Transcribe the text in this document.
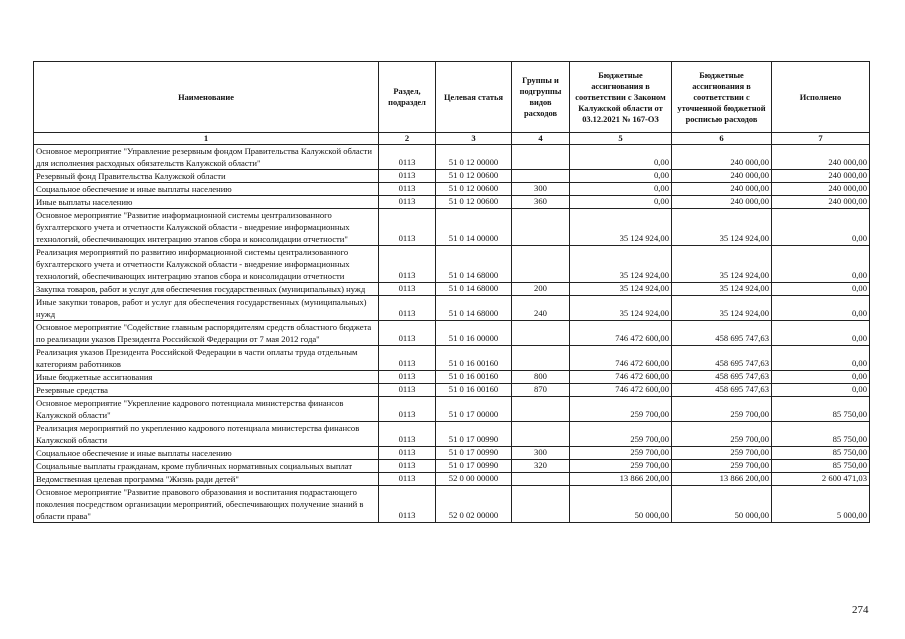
Наименование	Раздел, подраздел	Целевая статья	Группы и подгруппы видов расходов	Бюджетные ассигнования в соответствии с Законом Калужской области от 03.12.2021 № 167-ОЗ	Бюджетные ассигнования в соответствии с уточненной бюджетной росписью расходов	Исполнено
1	2	3	4	5	6	7
Основное мероприятие "Управление резервным фондом Правительства Калужской области для исполнения расходных обязательств Калужской области"	0113	51 0 12 00000		0,00	240 000,00	240 000,00
Резервный фонд Правительства Калужской области	0113	51 0 12 00600		0,00	240 000,00	240 000,00
Социальное обеспечение и иные выплаты населению	0113	51 0 12 00600	300	0,00	240 000,00	240 000,00
Иные выплаты населению	0113	51 0 12 00600	360	0,00	240 000,00	240 000,00
Основное мероприятие "Развитие информационной системы централизованного бухгалтерского учета и отчетности Калужской области - внедрение информационных технологий, обеспечивающих интеграцию этапов сбора и консолидации отчетности"	0113	51 0 14 00000		35 124 924,00	35 124 924,00	0,00
Реализация мероприятий по развитию информационной системы централизованного бухгалтерского учета и отчетности Калужской области - внедрение информационных технологий, обеспечивающих интеграцию этапов сбора и консолидации отчетности	0113	51 0 14 68000		35 124 924,00	35 124 924,00	0,00
Закупка товаров, работ и услуг для обеспечения государственных (муниципальных) нужд	0113	51 0 14 68000	200	35 124 924,00	35 124 924,00	0,00
Иные закупки товаров, работ и услуг для обеспечения государственных (муниципальных) нужд	0113	51 0 14 68000	240	35 124 924,00	35 124 924,00	0,00
Основное мероприятие "Содействие главным распорядителям средств областного бюджета по реализации указов Президента Российской Федерации от 7 мая 2012 года"	0113	51 0 16 00000		746 472 600,00	458 695 747,63	0,00
Реализация указов Президента Российской Федерации в части оплаты труда отдельным категориям работников	0113	51 0 16 00160		746 472 600,00	458 695 747,63	0,00
Иные бюджетные ассигнования	0113	51 0 16 00160	800	746 472 600,00	458 695 747,63	0,00
Резервные средства	0113	51 0 16 00160	870	746 472 600,00	458 695 747,63	0,00
Основное мероприятие "Укрепление кадрового потенциала министерства финансов Калужской области"	0113	51 0 17 00000		259 700,00	259 700,00	85 750,00
Реализация мероприятий по укреплению кадрового потенциала министерства финансов Калужской области	0113	51 0 17 00990		259 700,00	259 700,00	85 750,00
Социальное обеспечение и иные выплаты населению	0113	51 0 17 00990	300	259 700,00	259 700,00	85 750,00
Социальные выплаты гражданам, кроме публичных нормативных социальных выплат	0113	51 0 17 00990	320	259 700,00	259 700,00	85 750,00
Ведомственная целевая программа "Жизнь ради детей"	0113	52 0 00 00000		13 866 200,00	13 866 200,00	2 600 471,03
Основное мероприятие "Развитие правового образования и воспитания подрастающего поколения посредством организации мероприятий, обеспечивающих получение знаний в области права"	0113	52 0 02 00000		50 000,00	50 000,00	5 000,00
274
